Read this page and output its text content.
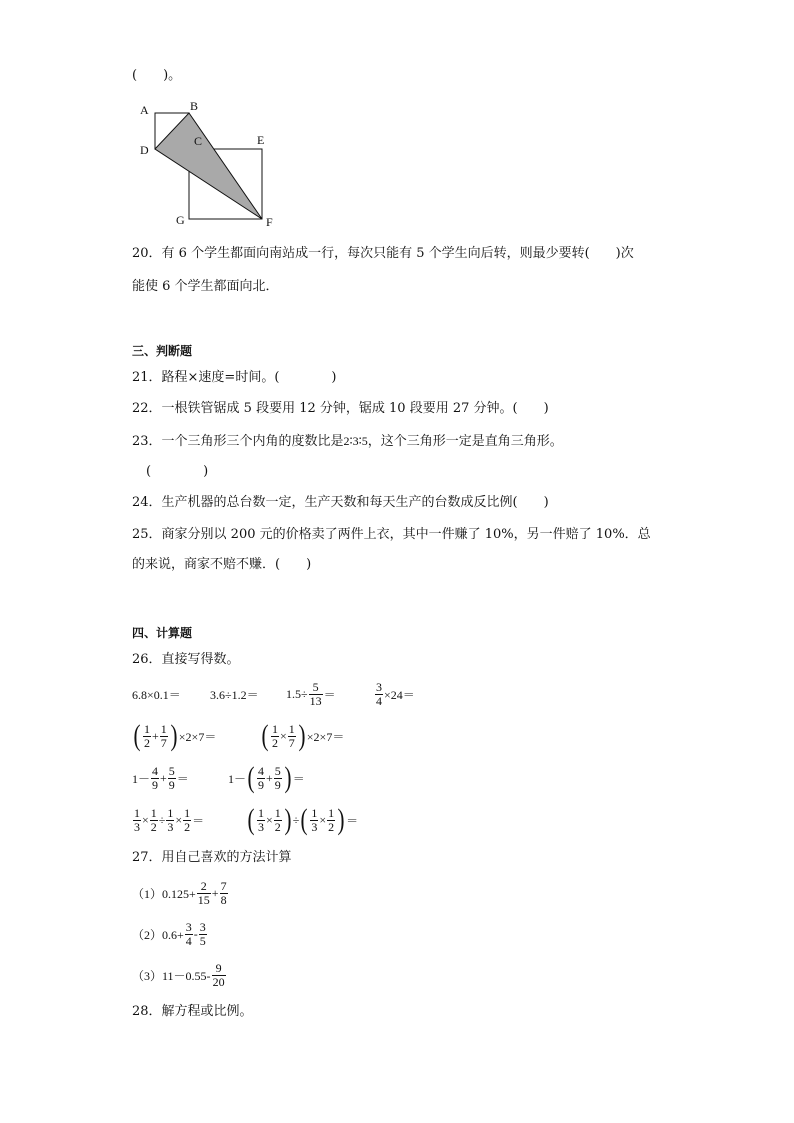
(　　)。
A	B
C
D
E
F
G
20．有 6 个学生都面向南站成一行，每次只能有 5 个学生向后转，则最少要转(　　)次
能使 6 个学生都面向北．
三、判断题
21．路程×速度=时间。(　　　　)
22．一根铁管锯成 5 段要用 12 分钟，锯成 10 段要用 27 分钟。(　　)
23．一个三角形三个内角的度数比是2∶3∶5，这个三角形一定是直角三角形。
(　　　　)
24．生产机器的总台数一定，生产天数和每天生产的台数成反比例(　　)
25．商家分别以 200 元的价格卖了两件上衣，其中一件赚了 10%，另一件赔了 10%．总
的来说，商家不赔不赚．(　　)
四、计算题
26．直接写得数。
6.8×0.1＝	3.6÷1.2＝	$1.5\div \frac{5}{13}$ ＝	$\frac{3}{4} \times 24=$
( $\frac{1}{2} + \frac{1}{7}$ ) ×2×7＝ ( $\frac{1}{2} \times \frac{1}{7}$ ) ×2×7＝
$1- \frac{4}{9} + \frac{5}{9}$ ＝	1－ ( $\frac{4}{9} + \frac{5}{9}$ ) ＝
$\frac{1}{3} \times \frac{1}{2} \div \frac{1}{3} \times \frac{1}{2}$ ＝ ( $\frac{1}{3} \times \frac{1}{2}$ ) ÷ ( $\frac{1}{3} \times \frac{1}{2}$ ) ＝
27．用自己喜欢的方法计算
$(1)0.125+ \frac{2}{15} + \frac{7}{8}$
$(2)0.6+ \frac{3}{4} - \frac{3}{5}$
$(3)11-0.55- \frac{9}{20}$
28．解方程或比例。
